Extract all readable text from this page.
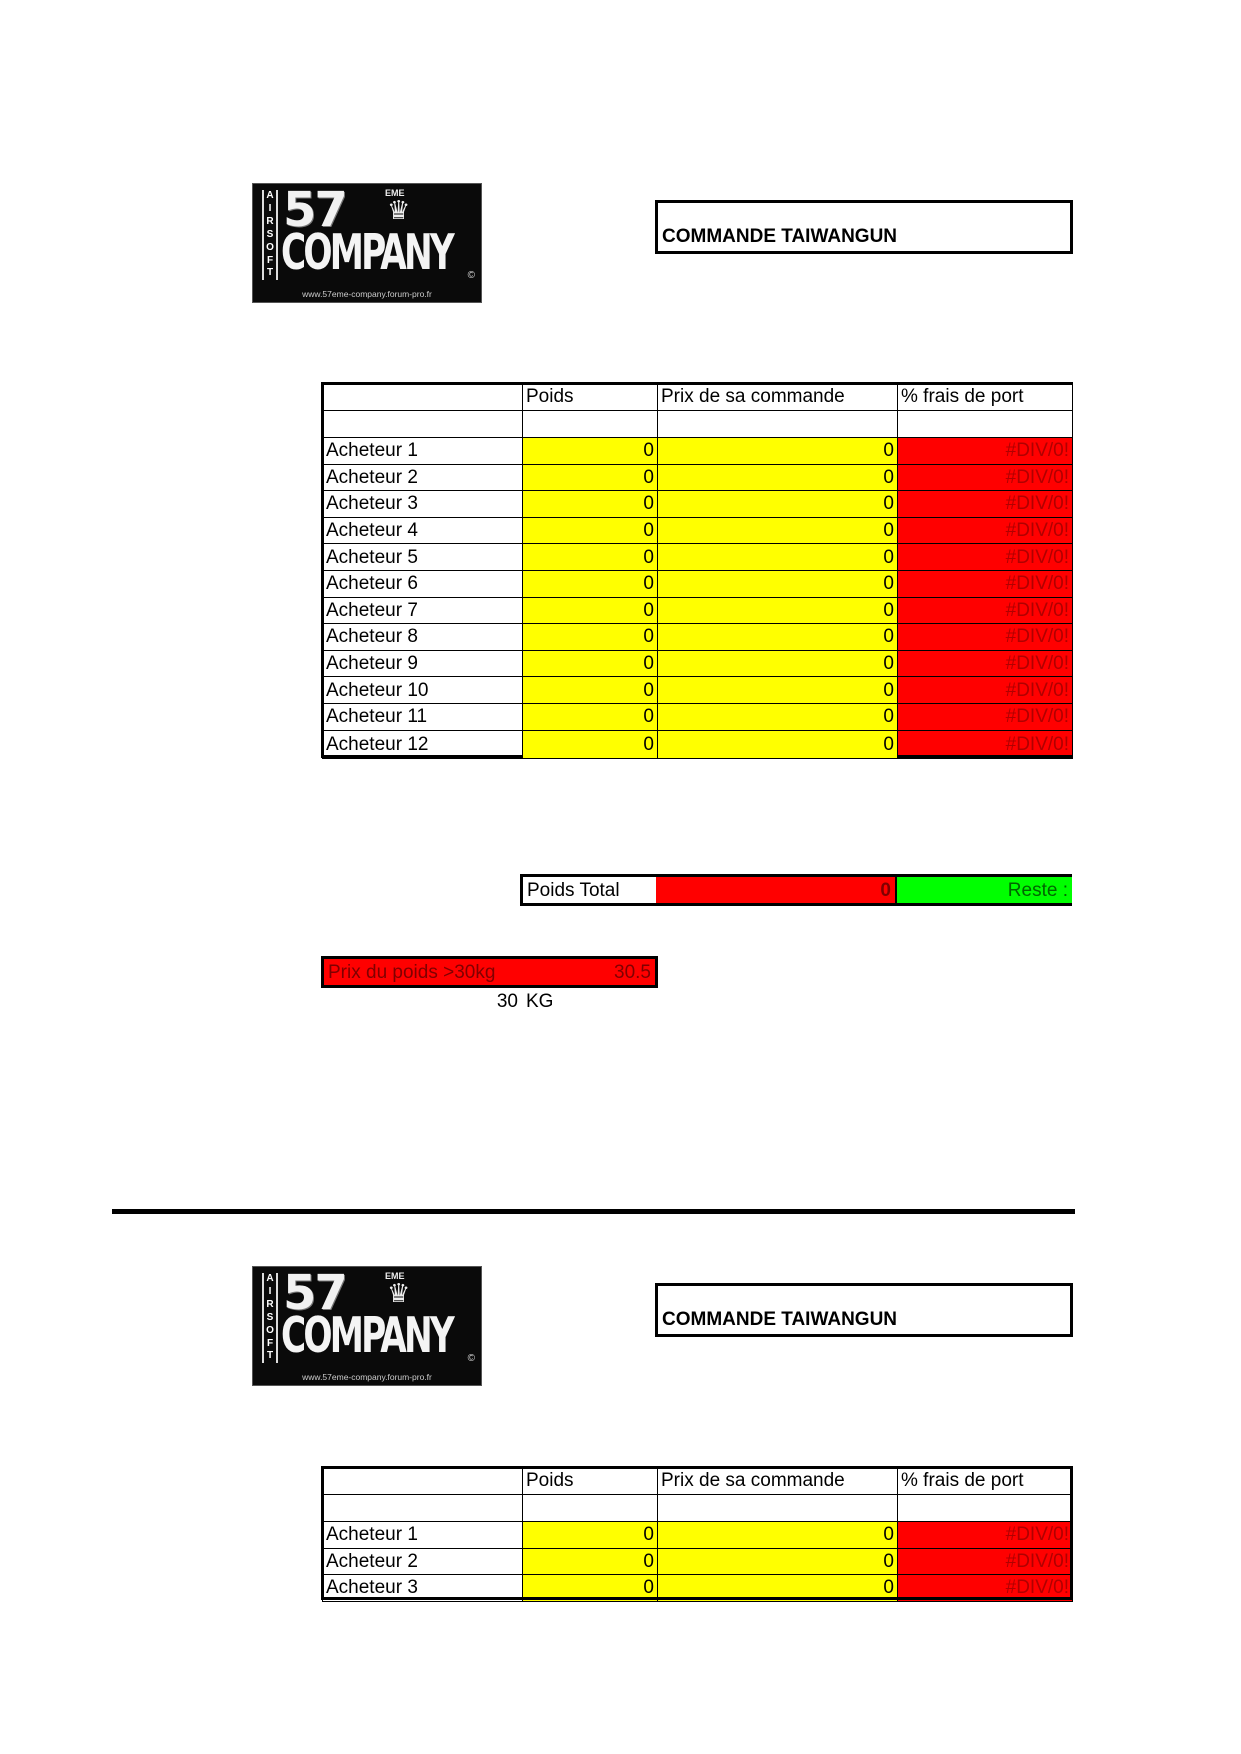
A
I
R
S
O
F
T
57	EME
♛
COMPANY ©
www.57eme-company.forum-pro.fr
COMMANDE TAIWANGUN
	Poids	Prix de sa commande	% frais de port

Acheteur 1	0	0	#DIV/0!
Acheteur 2	0	0	#DIV/0!
Acheteur 3	0	0	#DIV/0!
Acheteur 4	0	0	#DIV/0!
Acheteur 5	0	0	#DIV/0!
Acheteur 6	0	0	#DIV/0!
Acheteur 7	0	0	#DIV/0!
Acheteur 8	0	0	#DIV/0!
Acheteur 9	0	0	#DIV/0!
Acheteur 10	0	0	#DIV/0!
Acheteur 11	0	0	#DIV/0!
Acheteur 12	0	0	#DIV/0!
Poids Total	0	Reste :
Prix du poids >30kg	30.5
30 KG
A
I
R
S
O
F
T
57	EME
♛
COMPANY ©
www.57eme-company.forum-pro.fr
COMMANDE TAIWANGUN
	Poids	Prix de sa commande	% frais de port

Acheteur 1	0	0	#DIV/0!
Acheteur 2	0	0	#DIV/0!
Acheteur 3	0	0	#DIV/0!
